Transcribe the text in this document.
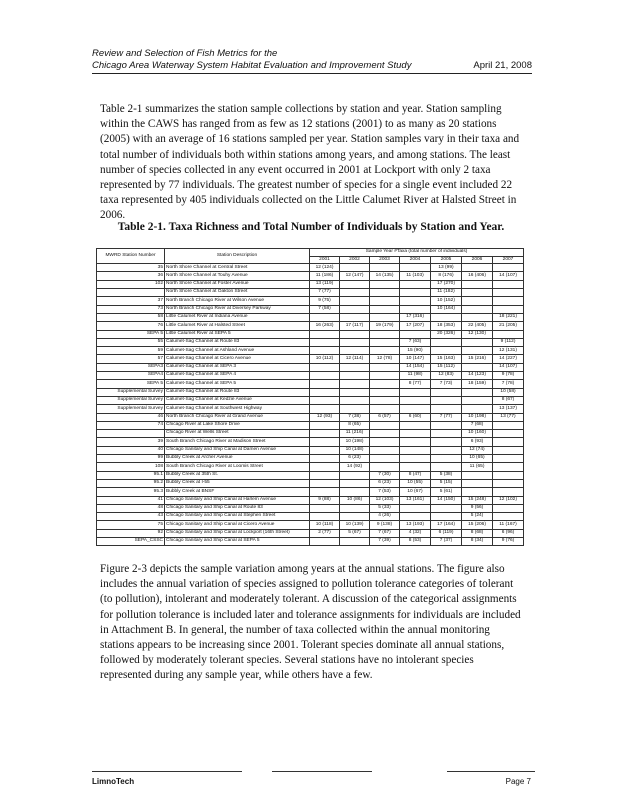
Review and Selection of Fish Metrics for the
Chicago Area Waterway System Habitat Evaluation and Improvement Study	April 21, 2008

Table 2-1 summarizes the station sample collections by station and year. Station sampling within the CAWS has ranged from as few as 12 stations (2001) to as many as 20 stations (2005) with an average of 16 stations sampled per year. Station samples vary in their taxa and total number of individuals both within stations among years, and among stations. The least number of species collected in any event occurred in 2001 at Lockport with only 2 taxa represented by 77 individuals. The greatest number of species for a single event included 22 taxa represented by 405 individuals collected on the Little Calumet River at Halsted Street in 2006.

Table 2-1. Taxa Richness and Total Number of Individuals by Station and Year.
MWRD Station Number	Station Description	Sample Year #Taxa (total number of individuals)						
		2001	2002	2003	2004	2005	2006	2007
35	North Shore Channel at Central Street	12 (124)				13 (99)		
36	North Shore Channel at Touhy Avenue	11 (186)	12 (147)	14 (135)	11 (103)	8 (176)	16 (406)	14 (107)
102	North Shore Channel at Foster Avenue	13 (119)				17 (270)		
	North Shore Channel at Oakton Street	7 (77)				11 (182)		
37	North Branch Chicago River at Wilson Avenue	9 (75)				10 (152)		
73	North Branch Chicago River at Diversey Parkway	7 (58)				10 (164)		
58	Little Calumet River at Indiana Avenue				17 (316)			18 (221)
76	Little Calumet River at Halsted Street	16 (263)	17 (117)	19 (179)	17 (207)	18 (353)	22 (405)	21 (205)
SEPA 5	Little Calumet River at SEPA 5					20 (326)	12 (130)	
55	Calumet-Sag Channel at Route 83				7 (63)			9 (112)
59	Calumet-Sag Channel at Ashland Avenue				15 (90)			12 (131)
57	Calumet-Sag Channel at Cicero Avenue	10 (112)	12 (114)	12 (78)	10 (147)	15 (163)	15 (216)	14 (227)
SEPA3	Calumet-Sag Channel at SEPA 3				14 (154)	15 (112)		14 (107)
SEPA4	Calumet-Sag Channel at SEPA 4				11 (98)	12 (83)	14 (123)	9 (78)
SEPA 5	Calumet-Sag Channel at SEPA 5				8 (77)	7 (73)	18 (159)	7 (78)
Supplemental Survey	Calumet-Sag Channel at Route 83							10 (58)
Supplemental Survey	Calumet-Sag Channel at Kedzie Avenue							8 (67)
Supplemental Survey	Calumet-Sag Channel at Southwest Highway							13 (137)
46	North Branch Chicago River at Grand Avenue	12 (93)	7 (38)	6 (57)	6 (60)	7 (77)	10 (198)	13 (77)
74	Chicago River at Lake Shore Drive		8 (65)				7 (68)	
	Chicago River at Wells Street		11 (216)				10 (160)	
39	South Branch Chicago River at Madison Street		10 (198)				6 (93)	
40	Chicago Sanitary and Ship Canal at Damen Avenue		10 (148)				12 (74)	
99	Bubbly Creek at Archer Avenue		6 (23)				10 (65)	
108	South Branch Chicago River at Loomis Street		14 (92)				11 (65)	
95.1	Bubbly Creek at 35th St.			7 (30)	8 (47)	5 (38)		
95.2	Bubbly Creek at I-55			6 (23)	10 (55)	5 (15)		
95.3	Bubbly Creek at BNSF			7 (53)	10 (67)	5 (61)		
41	Chicago Sanitary and Ship Canal at Harlem Avenue	9 (88)	10 (86)	12 (103)	13 (161)	14 (150)	15 (248)	12 (102)
48	Chicago Sanitary and Ship Canal at Route 83			5 (33)			9 (56)	
43	Chicago Sanitary and Ship Canal at Stephen Street			4 (26)			5 (24)	
75	Chicago Sanitary and Ship Canal at Cicero Avenue	10 (118)	10 (139)	9 (138)	13 (193)	17 (164)	15 (206)	11 (167)
92	Chicago Sanitary and Ship Canal at Lockport (16th Street)	2 (77)	5 (67)	7 (67)	4 (32)	6 (119)	8 (68)	6 (96)
SEPA_CSSC	Chicago Sanitary and Ship Canal at SEPA 5			7 (39)	8 (53)	7 (37)	8 (34)	9 (76)

Figure 2-3 depicts the sample variation among years at the annual stations. The figure also includes the annual variation of species assigned to pollution tolerance categories of tolerant (to pollution), intolerant and moderately tolerant. A discussion of the categorical assignments for pollution tolerance is included later and tolerance assignments for individuals are included in Attachment B. In general, the number of taxa collected within the annual monitoring stations appears to be increasing since 2001. Tolerant species dominate all annual stations, followed by moderately tolerant species. Several stations have no intolerant species represented during any sample year, while others have a few.

LimnoTech	Page 7
